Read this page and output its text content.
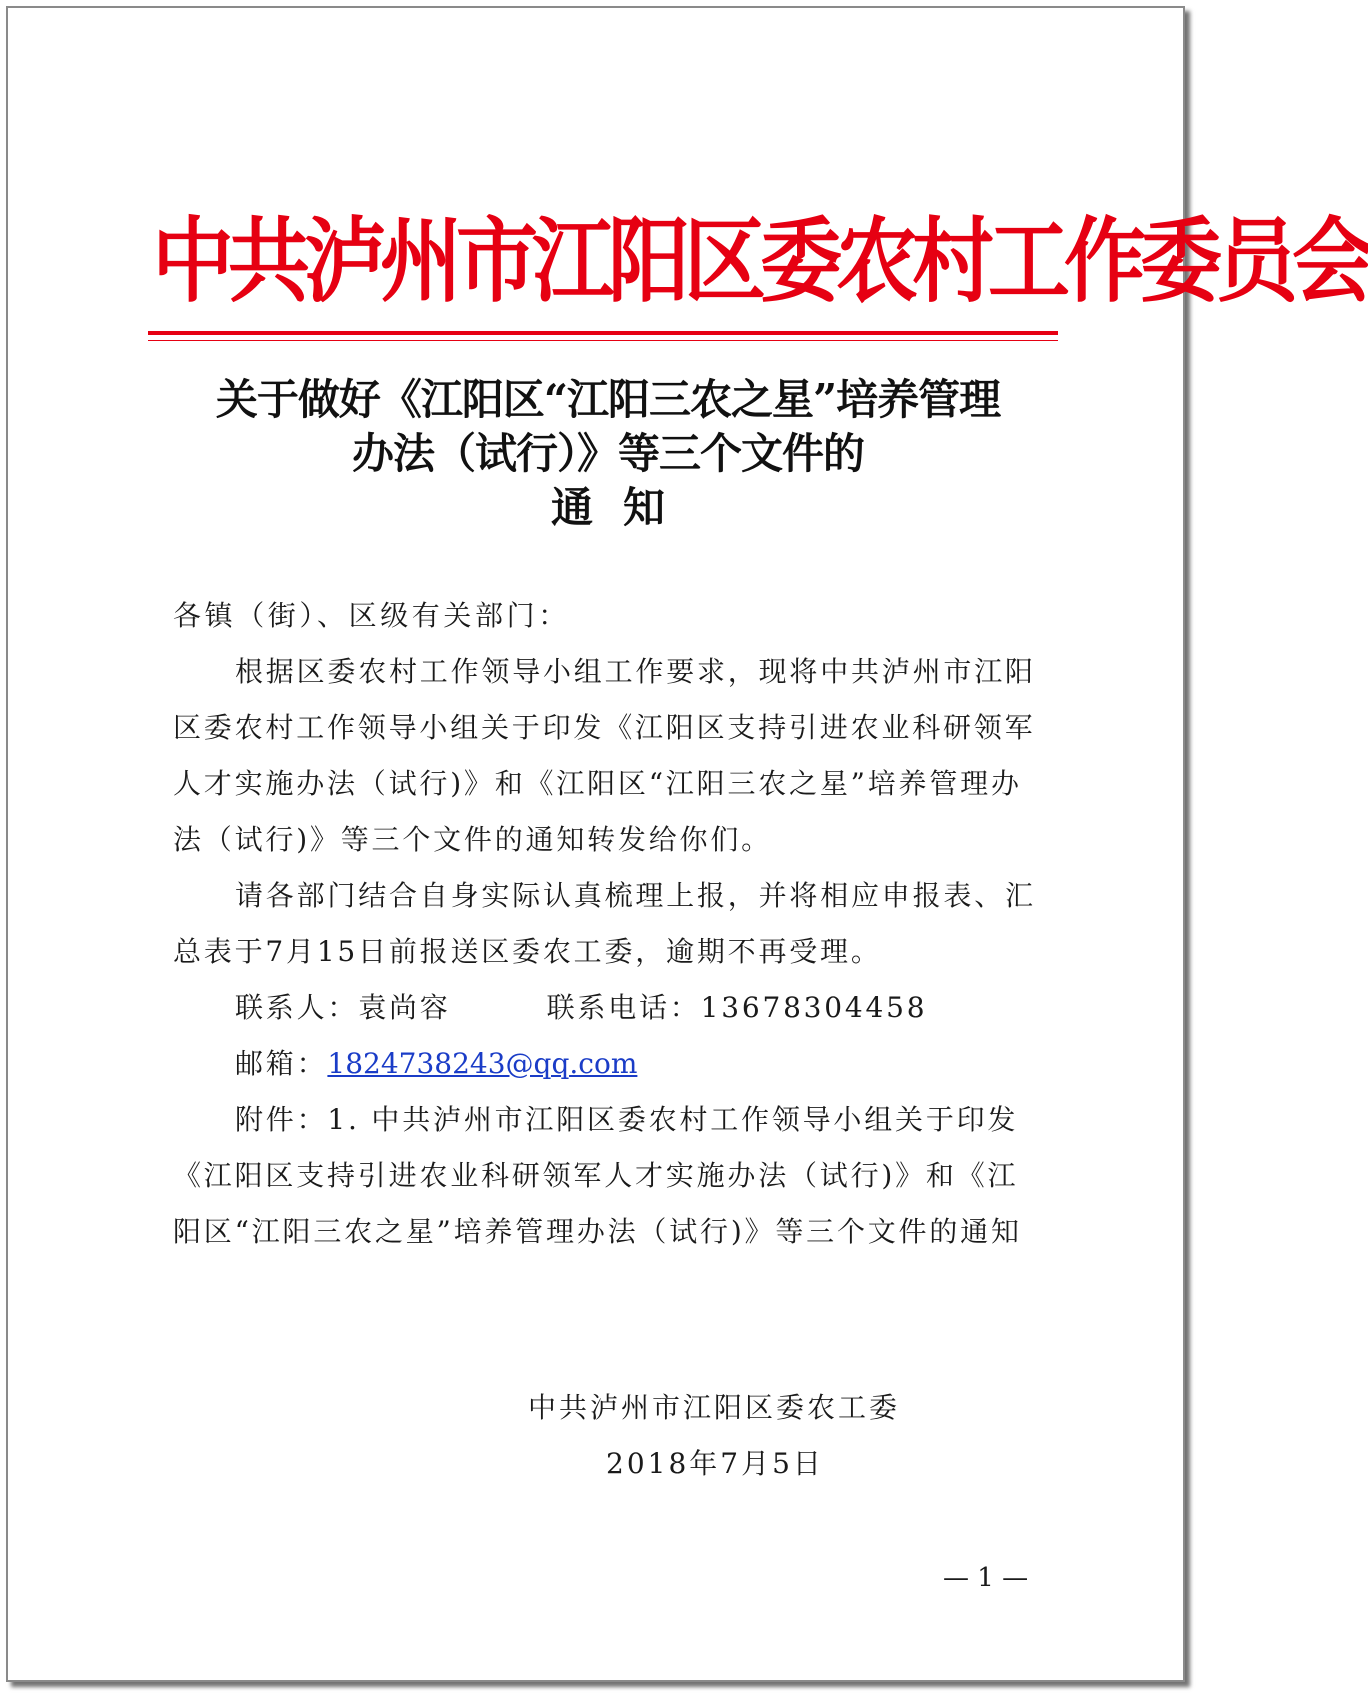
中共泸州市江阳区委农村工作委员会
关于做好《江阳区“江阳三农之星”培养管理
办法（试行）》等三个文件的
通知

各镇（街）、区级有关部门：

根据区委农村工作领导小组工作要求，现将中共泸州市江阳区委农村工作领导小组关于印发《江阳区支持引进农业科研领军人才实施办法（试行)》和《江阳区“江阳三农之星”培养管理办法（试行)》等三个文件的通知转发给你们。

请各部门结合自身实际认真梳理上报，并将相应申报表、汇总表于7月15日前报送区委农工委，逾期不再受理。

联系人：袁尚容	联系电话：13678304458

邮箱：1824738243@qq.com

附件：1. 中共泸州市江阳区委农村工作领导小组关于印发《江阳区支持引进农业科研领军人才实施办法（试行)》和《江阳区“江阳三农之星”培养管理办法（试行)》等三个文件的通知

中共泸州市江阳区委农工委
2018年7月5日
— 1 —
